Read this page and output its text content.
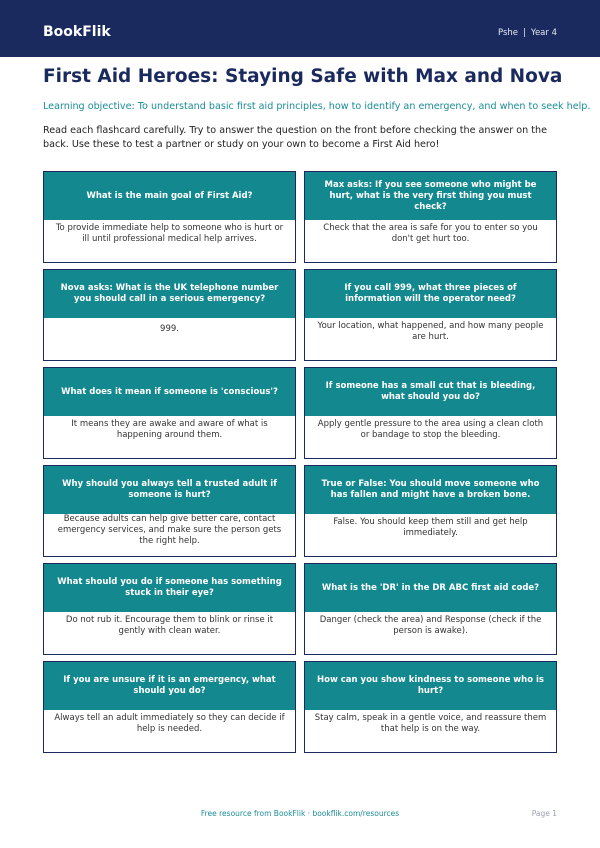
BookFlik	Pshe | Year 4
First Aid Heroes: Staying Safe with Max and Nova
Learning objective: To understand basic first aid principles, how to identify an emergency, and when to seek help.
Read each flashcard carefully. Try to answer the question on the front before checking the answer on the back. Use these to test a partner or study on your own to become a First Aid hero!
What is the main goal of First Aid?
To provide immediate help to someone who is hurt or ill until professional medical help arrives.
Max asks: If you see someone who might be hurt, what is the very first thing you must check?
Check that the area is safe for you to enter so you don't get hurt too.
Nova asks: What is the UK telephone number you should call in a serious emergency?
999.
If you call 999, what three pieces of information will the operator need?
Your location, what happened, and how many people are hurt.
What does it mean if someone is 'conscious'?
It means they are awake and aware of what is happening around them.
If someone has a small cut that is bleeding, what should you do?
Apply gentle pressure to the area using a clean cloth or bandage to stop the bleeding.
Why should you always tell a trusted adult if someone is hurt?
Because adults can help give better care, contact emergency services, and make sure the person gets the right help.
True or False: You should move someone who has fallen and might have a broken bone.
False. You should keep them still and get help immediately.
What should you do if someone has something stuck in their eye?
Do not rub it. Encourage them to blink or rinse it gently with clean water.
What is the 'DR' in the DR ABC first aid code?
Danger (check the area) and Response (check if the person is awake).
If you are unsure if it is an emergency, what should you do?
Always tell an adult immediately so they can decide if help is needed.
How can you show kindness to someone who is hurt?
Stay calm, speak in a gentle voice, and reassure them that help is on the way.
Free resource from BookFlik · bookflik.com/resources	Page 1
